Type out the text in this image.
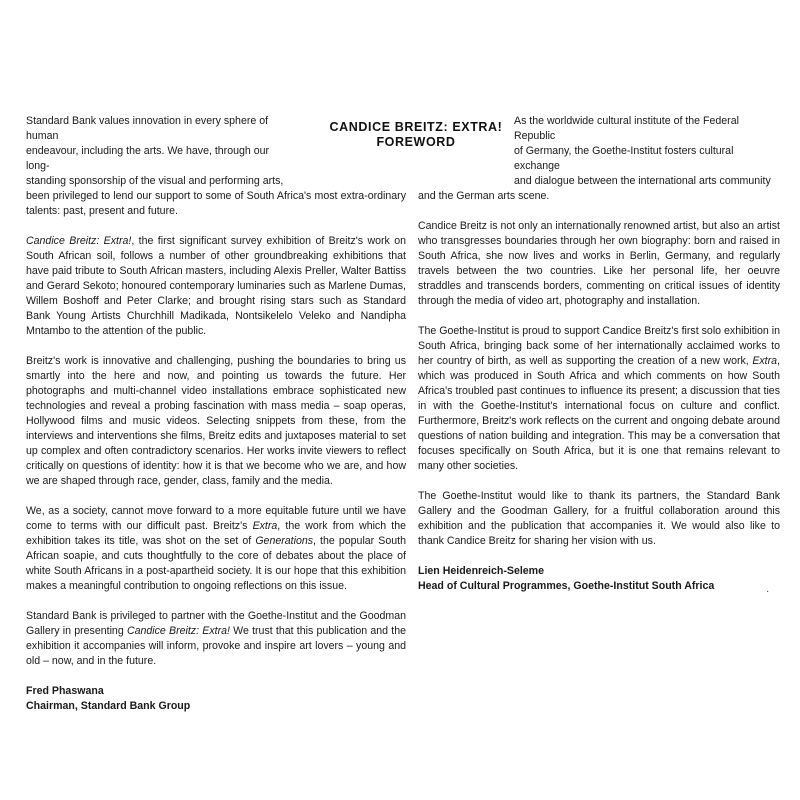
CANDICE BREITZ: EXTRA!
FOREWORD

Standard Bank values innovation in every sphere of human

endeavour, including the arts. We have, through our long-

standing sponsorship of the visual and performing arts,

been privileged to lend our support to some of South Africa's most extra-ordinary talents: past, present and future.

Candice Breitz: Extra!, the first significant survey exhibition of Breitz's work on South African soil, follows a number of other groundbreaking exhibitions that have paid tribute to South African masters, including Alexis Preller, Walter Battiss and Gerard Sekoto; honoured contemporary luminaries such as Marlene Dumas, Willem Boshoff and Peter Clarke; and brought rising stars such as Standard Bank Young Artists Churchhill Madikada, Nontsikelelo Veleko and Nandipha Mntambo to the attention of the public.

Breitz's work is innovative and challenging, pushing the boundaries to bring us smartly into the here and now, and pointing us towards the future. Her photographs and multi-channel video installations embrace sophisticated new technologies and reveal a probing fascination with mass media – soap operas, Hollywood films and music videos. Selecting snippets from these, from the interviews and interventions she films, Breitz edits and juxtaposes material to set up complex and often contradictory scenarios. Her works invite viewers to reflect critically on questions of identity: how it is that we become who we are, and how we are shaped through race, gender, class, family and the media.

We, as a society, cannot move forward to a more equitable future until we have come to terms with our difficult past. Breitz's Extra, the work from which the exhibition takes its title, was shot on the set of Generations, the popular South African soapie, and cuts thoughtfully to the core of debates about the place of white South Africans in a post-apartheid society. It is our hope that this exhibition makes a meaningful contribution to ongoing reflections on this issue.

Standard Bank is privileged to partner with the Goethe-Institut and the Goodman Gallery in presenting Candice Breitz: Extra! We trust that this publication and the exhibition it accompanies will inform, provoke and inspire art lovers – young and old – now, and in the future.

Fred Phaswana
Chairman, Standard Bank Group

As the worldwide cultural institute of the Federal Republic

of Germany, the Goethe-Institut fosters cultural exchange

and dialogue between the international arts community

and the German arts scene.

Candice Breitz is not only an internationally renowned artist, but also an artist who transgresses boundaries through her own biography: born and raised in South Africa, she now lives and works in Berlin, Germany, and regularly travels between the two countries. Like her personal life, her oeuvre straddles and transcends borders, commenting on critical issues of identity through the media of video art, photography and installation.

The Goethe-Institut is proud to support Candice Breitz's first solo exhibition in South Africa, bringing back some of her internationally acclaimed works to her country of birth, as well as supporting the creation of a new work, Extra, which was produced in South Africa and which comments on how South Africa's troubled past continues to influence its present; a discussion that ties in with the Goethe-Institut's international focus on culture and conflict. Furthermore, Breitz's work reflects on the current and ongoing debate around questions of nation building and integration. This may be a conversation that focuses specifically on South Africa, but it is one that remains relevant to many other societies.

The Goethe-Institut would like to thank its partners, the Standard Bank Gallery and the Goodman Gallery, for a fruitful collaboration around this exhibition and the publication that accompanies it. We would also like to thank Candice Breitz for sharing her vision with us.

Lien Heidenreich-Seleme
Head of Cultural Programmes, Goethe-Institut South Africa	·
